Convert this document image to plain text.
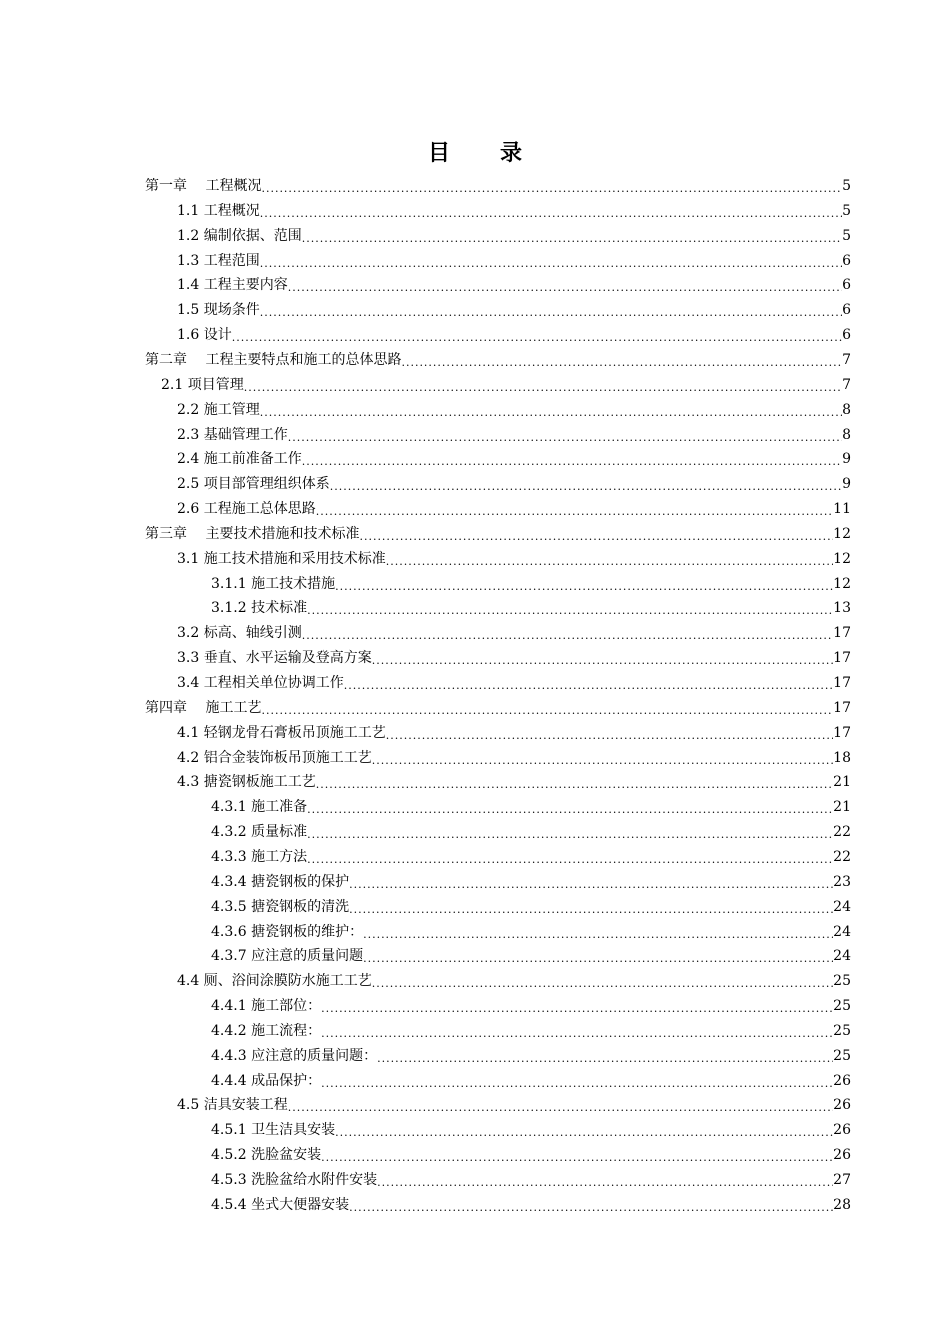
目　录
第一章　 工程概况 .....	5
1.1 工程概况 .....	5
1.2 编制依据、范围 .....	5
1.3 工程范围 .....	6
1.4 工程主要内容 .....	6
1.5 现场条件 .....	6
1.6 设计 .....	6
第二章　 工程主要特点和施工的总体思路 .....	7
2.1 项目管理 .....	7
2.2 施工管理 .....	8
2.3 基础管理工作 .....	8
2.4 施工前准备工作 .....	9
2.5 项目部管理组织体系 .....	9
2.6 工程施工总体思路 .....	11
第三章　 主要技术措施和技术标准 .....	12
3.1 施工技术措施和采用技术标准 .....	12
3.1.1 施工技术措施 .....	12
3.1.2 技术标准 .....	13
3.2 标高、轴线引测 .....	17
3.3 垂直、水平运输及登高方案 .....	17
3.4 工程相关单位协调工作 .....	17
第四章　 施工工艺 .....	17
4.1 轻钢龙骨石膏板吊顶施工工艺 .....	17
4.2 铝合金装饰板吊顶施工工艺 .....	18
4.3 搪瓷钢板施工工艺 .....	21
4.3.1 施工准备 .....	21
4.3.2 质量标准 .....	22
4.3.3 施工方法 .....	22
4.3.4 搪瓷钢板的保护 .....	23
4.3.5 搪瓷钢板的清洗 .....	24
4.3.6 搪瓷钢板的维护： .....	24
4.3.7 应注意的质量问题 .....	24
4.4 厕、浴间涂膜防水施工工艺 .....	25
4.4.1 施工部位： .....	25
4.4.2 施工流程： .....	25
4.4.3 应注意的质量问题： .....	25
4.4.4 成品保护： .....	26
4.5 洁具安装工程 .....	26
4.5.1 卫生洁具安装 .....	26
4.5.2 洗脸盆安装 .....	26
4.5.3 洗脸盆给水附件安装 .....	27
4.5.4 坐式大便器安装 .....	28
